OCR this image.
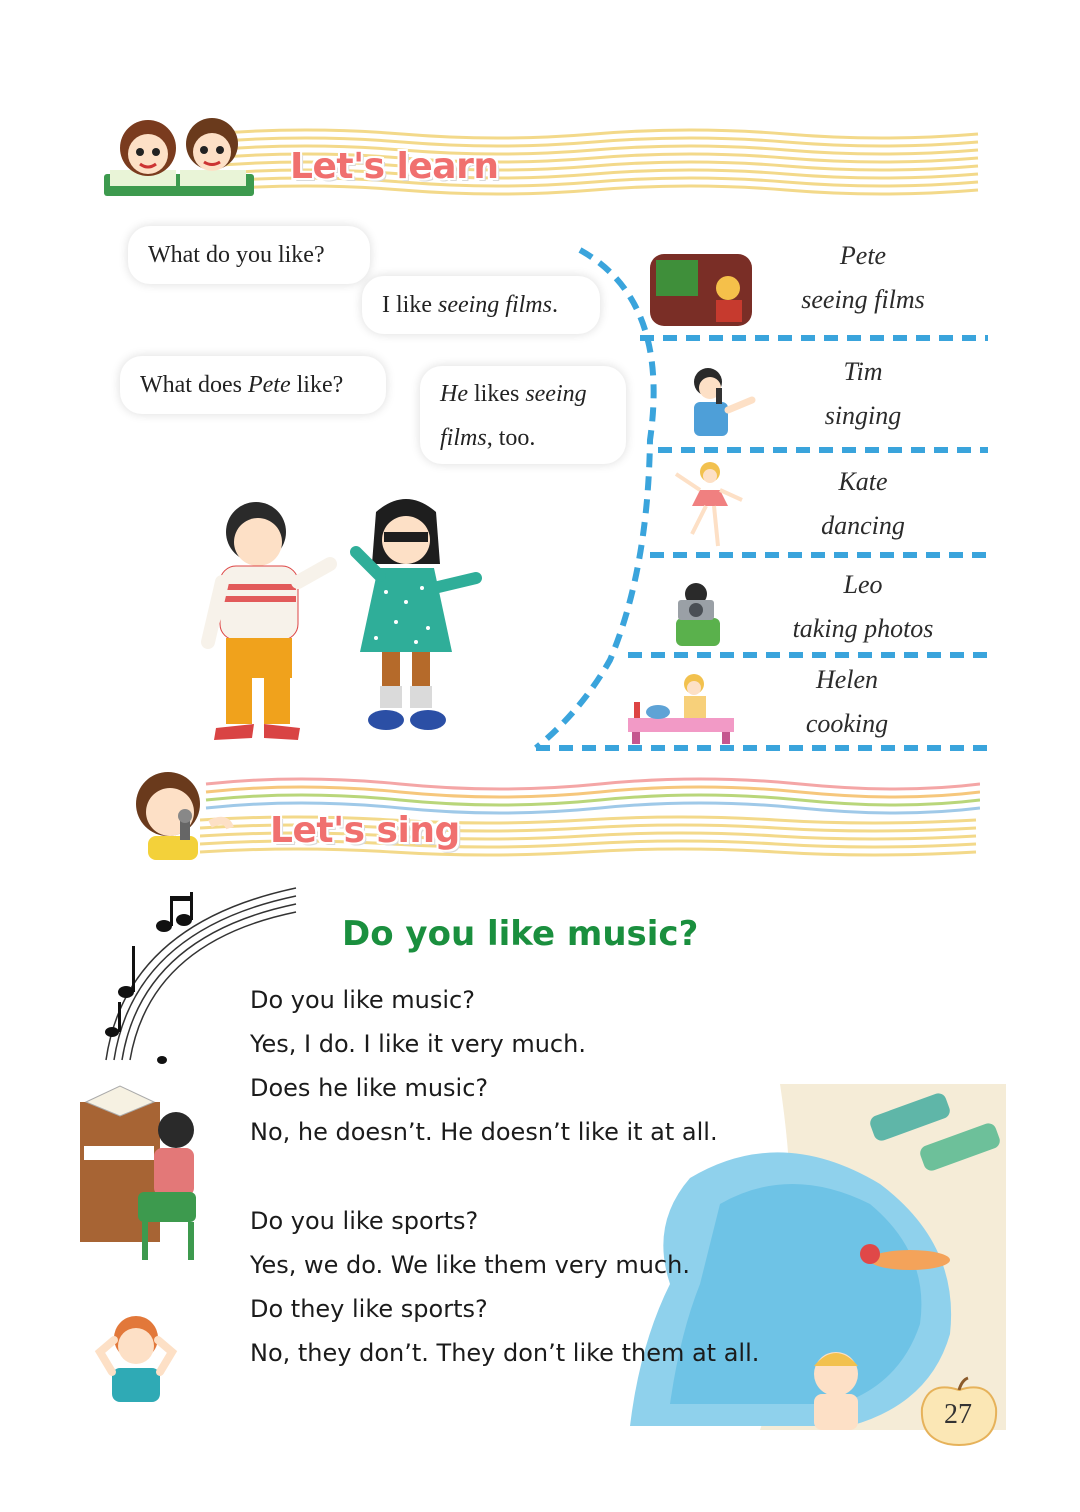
Let's learn
What do you like?
I like seeing films.
What does Pete like?	He likes seeing
films, too.
Pete
seeing films
Tim
singing
Kate
dancing
Leo
taking photos
Helen
cooking
Let's sing
Do you like music?
Do you like music?
Yes, I do. I like it very much.
Does he like music?
No, he doesn’t. He doesn’t like it at all.
Do you like sports?
Yes, we do. We like them very much.
Do they like sports?
No, they don’t. They don’t like them at all.
27
